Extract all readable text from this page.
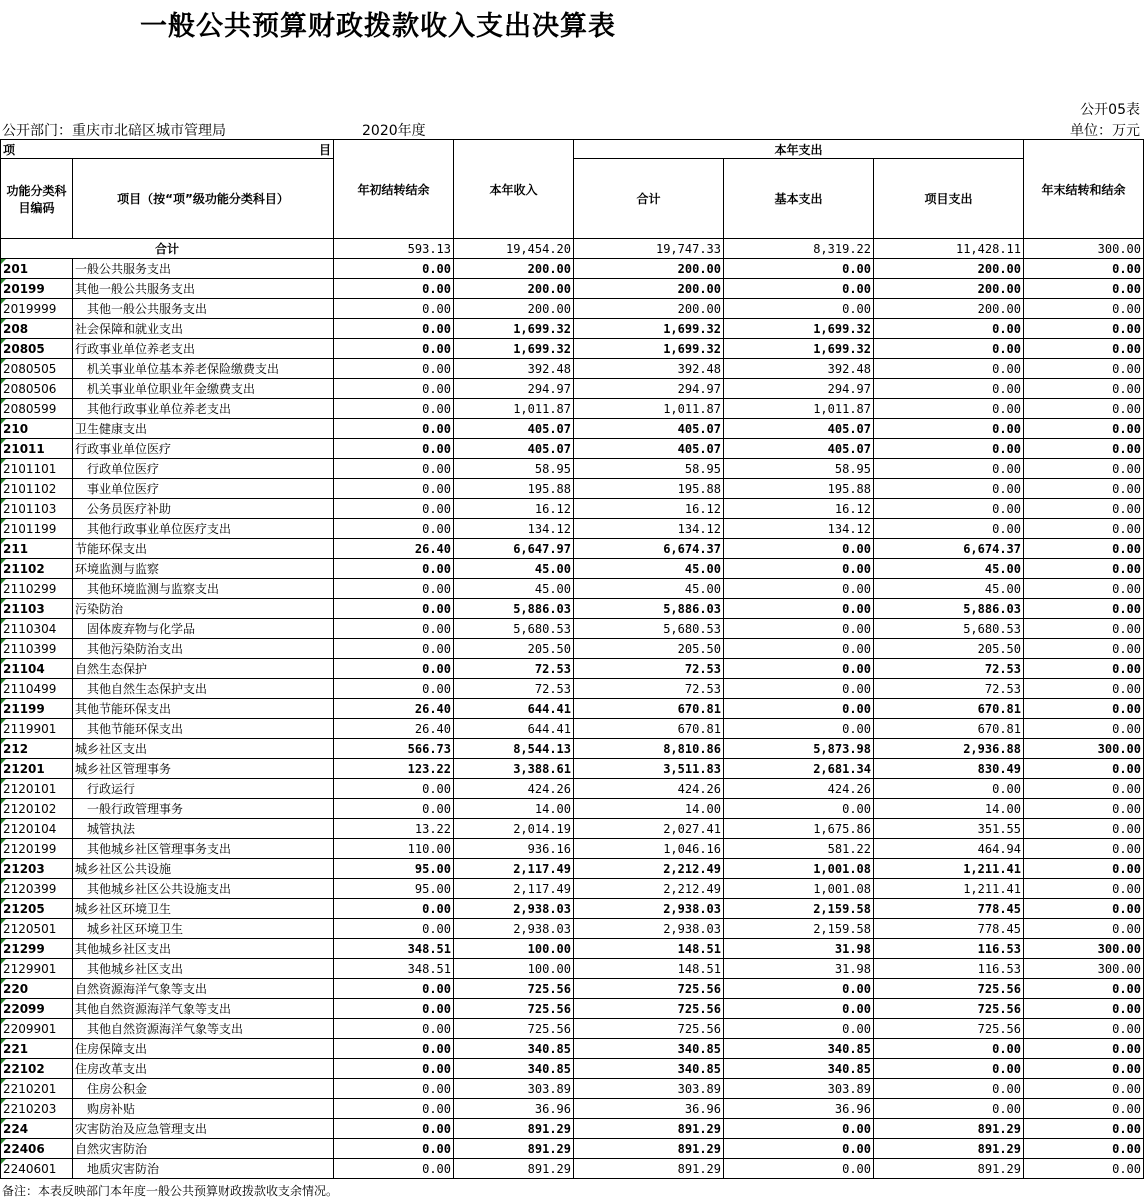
一般公共预算财政拨款收入支出决算表
公开05表
公开部门：重庆市北碚区城市管理局	2020年度	单位：万元
项 目		年初结转结余	本年收入	本年支出			年末结转和结余
功能分类科目编码	项目（按“项”级功能分类科目）			合计	基本支出	项目支出	

合计		593.13	19,454.20	19,747.33	8,319.22	11,428.11	300.00
201	一般公共服务支出	0.00	200.00	200.00	0.00	200.00	0.00
20199	其他一般公共服务支出	0.00	200.00	200.00	0.00	200.00	0.00
2019999	　其他一般公共服务支出	0.00	200.00	200.00	0.00	200.00	0.00
208	社会保障和就业支出	0.00	1,699.32	1,699.32	1,699.32	0.00	0.00
20805	行政事业单位养老支出	0.00	1,699.32	1,699.32	1,699.32	0.00	0.00
2080505	　机关事业单位基本养老保险缴费支出	0.00	392.48	392.48	392.48	0.00	0.00
2080506	　机关事业单位职业年金缴费支出	0.00	294.97	294.97	294.97	0.00	0.00
2080599	　其他行政事业单位养老支出	0.00	1,011.87	1,011.87	1,011.87	0.00	0.00
210	卫生健康支出	0.00	405.07	405.07	405.07	0.00	0.00
21011	行政事业单位医疗	0.00	405.07	405.07	405.07	0.00	0.00
2101101	　行政单位医疗	0.00	58.95	58.95	58.95	0.00	0.00
2101102	　事业单位医疗	0.00	195.88	195.88	195.88	0.00	0.00
2101103	　公务员医疗补助	0.00	16.12	16.12	16.12	0.00	0.00
2101199	　其他行政事业单位医疗支出	0.00	134.12	134.12	134.12	0.00	0.00
211	节能环保支出	26.40	6,647.97	6,674.37	0.00	6,674.37	0.00
21102	环境监测与监察	0.00	45.00	45.00	0.00	45.00	0.00
2110299	　其他环境监测与监察支出	0.00	45.00	45.00	0.00	45.00	0.00
21103	污染防治	0.00	5,886.03	5,886.03	0.00	5,886.03	0.00
2110304	　固体废弃物与化学品	0.00	5,680.53	5,680.53	0.00	5,680.53	0.00
2110399	　其他污染防治支出	0.00	205.50	205.50	0.00	205.50	0.00
21104	自然生态保护	0.00	72.53	72.53	0.00	72.53	0.00
2110499	　其他自然生态保护支出	0.00	72.53	72.53	0.00	72.53	0.00
21199	其他节能环保支出	26.40	644.41	670.81	0.00	670.81	0.00
2119901	　其他节能环保支出	26.40	644.41	670.81	0.00	670.81	0.00
212	城乡社区支出	566.73	8,544.13	8,810.86	5,873.98	2,936.88	300.00
21201	城乡社区管理事务	123.22	3,388.61	3,511.83	2,681.34	830.49	0.00
2120101	　行政运行	0.00	424.26	424.26	424.26	0.00	0.00
2120102	　一般行政管理事务	0.00	14.00	14.00	0.00	14.00	0.00
2120104	　城管执法	13.22	2,014.19	2,027.41	1,675.86	351.55	0.00
2120199	　其他城乡社区管理事务支出	110.00	936.16	1,046.16	581.22	464.94	0.00
21203	城乡社区公共设施	95.00	2,117.49	2,212.49	1,001.08	1,211.41	0.00
2120399	　其他城乡社区公共设施支出	95.00	2,117.49	2,212.49	1,001.08	1,211.41	0.00
21205	城乡社区环境卫生	0.00	2,938.03	2,938.03	2,159.58	778.45	0.00
2120501	　城乡社区环境卫生	0.00	2,938.03	2,938.03	2,159.58	778.45	0.00
21299	其他城乡社区支出	348.51	100.00	148.51	31.98	116.53	300.00
2129901	　其他城乡社区支出	348.51	100.00	148.51	31.98	116.53	300.00
220	自然资源海洋气象等支出	0.00	725.56	725.56	0.00	725.56	0.00
22099	其他自然资源海洋气象等支出	0.00	725.56	725.56	0.00	725.56	0.00
2209901	　其他自然资源海洋气象等支出	0.00	725.56	725.56	0.00	725.56	0.00
221	住房保障支出	0.00	340.85	340.85	340.85	0.00	0.00
22102	住房改革支出	0.00	340.85	340.85	340.85	0.00	0.00
2210201	　住房公积金	0.00	303.89	303.89	303.89	0.00	0.00
2210203	　购房补贴	0.00	36.96	36.96	36.96	0.00	0.00
224	灾害防治及应急管理支出	0.00	891.29	891.29	0.00	891.29	0.00
22406	自然灾害防治	0.00	891.29	891.29	0.00	891.29	0.00
2240601	　地质灾害防治	0.00	891.29	891.29	0.00	891.29	0.00
备注：本表反映部门本年度一般公共预算财政拨款收支余情况。
